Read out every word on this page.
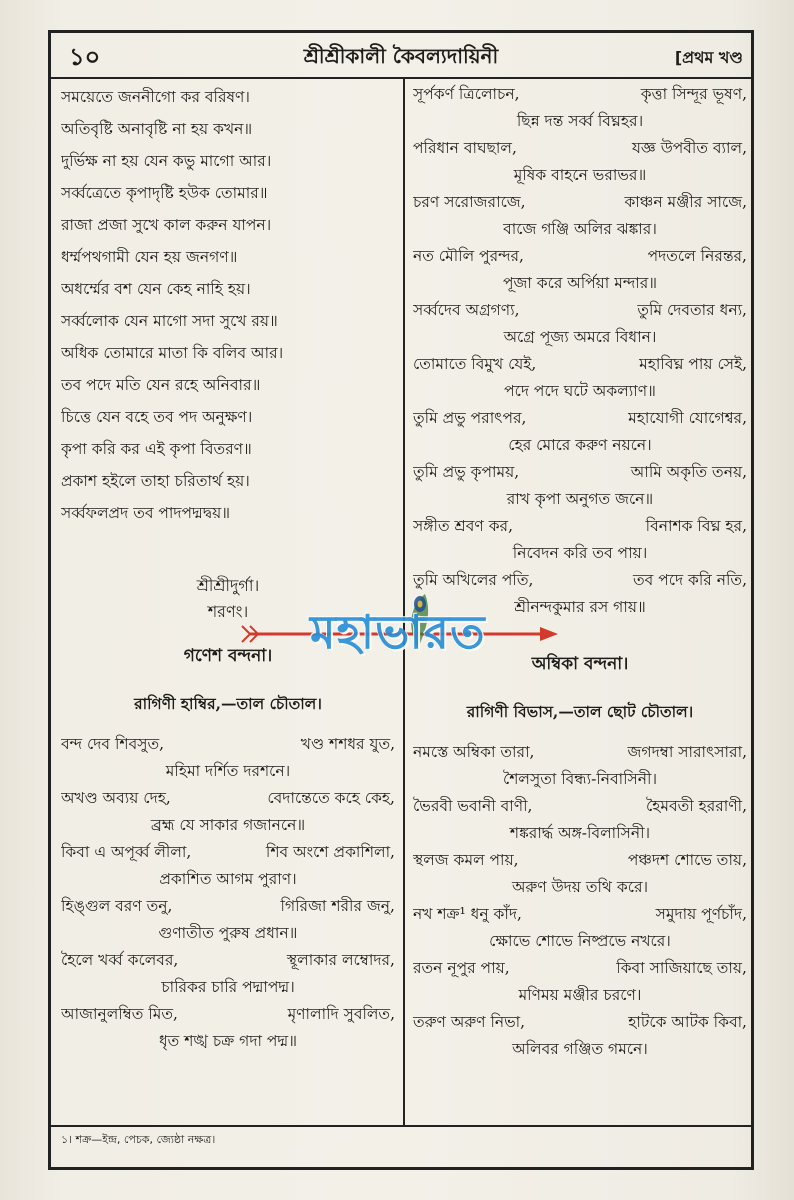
১০	শ্রীশ্রীকালী কৈবল্যদায়িনী	[প্রথম খণ্ড
সময়েতে জননীগো কর বরিষণ।
অতিবৃষ্টি অনাবৃষ্টি না হয় কখন॥
দুর্ভিক্ষ না হয় যেন কভু মাগো আর।
সর্ব্বত্রেতে কৃপাদৃষ্টি হউক তোমার॥
রাজা প্রজা সুখে কাল করুন যাপন।
ধর্ম্মপথগামী যেন হয় জনগণ॥
অধর্ম্মের বশ যেন কেহ নাহি হয়।
সর্ব্বলোক যেন মাগো সদা সুখে রয়॥
অধিক তোমারে মাতা কি বলিব আর।
তব পদে মতি যেন রহে অনিবার॥
চিত্তে যেন বহে তব পদ অনুক্ষণ।
কৃপা করি কর এই কৃপা বিতরণ॥
প্রকাশ হইলে তাহা চরিতার্থ হয়।
সর্ব্বফলপ্রদ তব পাদপদ্মদ্বয়॥
শ্রীশ্রীদুর্গা।
শরণং।
গণেশ বন্দনা।
রাগিণী হাম্বির,—তাল চৌতাল।
বন্দ দেব শিবসুত,	খণ্ড শশধর যুত,
মহিমা দর্শিত দরশনে।
অখণ্ড অব্যয় দেহ,	বেদান্তেতে কহে কেহ,
ব্রহ্ম যে সাকার গজাননে॥
কিবা এ অপূর্ব্ব লীলা,	শিব অংশে প্রকাশিলা,
প্রকাশিত আগম পুরাণ।
হিঙ্গুল বরণ তনু,	গিরিজা শরীর জনু,
গুণাতীত পুরুষ প্রধান॥
হৈলে খর্ব্ব কলেবর,	স্থূলাকার লম্বোদর,
চারিকর চারি পদ্মাপদ্ম।
আজানুলম্বিত মিত,	মৃণালাদি সুবলিত,
ধৃত শঙ্খ চক্র গদা পদ্ম॥
সূর্পকর্ণ ত্রিলোচন,	কৃত্তা সিন্দূর ভূষণ,
ছিন্ন দন্ত সর্ব্ব বিঘ্নহর।
পরিধান বাঘছাল,	যজ্ঞ উপবীত ব্যাল,
মূষিক বাহনে ভরাভর॥
চরণ সরোজরাজে,	কাঞ্চন মঞ্জীর সাজে,
বাজে গঞ্জি অলির ঝঙ্কার।
নত মৌলি পুরন্দর,	পদতলে নিরন্তর,
পূজা করে অর্পিয়া মন্দার॥
সর্ব্বদেব অগ্রগণ্য,	তুমি দেবতার ধন্য,
অগ্রে পূজ্য অমরে বিধান।
তোমাতে বিমুখ যেই,	মহাবিঘ্ন পায় সেই,
পদে পদে ঘটে অকল্যাণ॥
তুমি প্রভু পরাৎপর,	মহাযোগী যোগেশ্বর,
হের মোরে করুণ নয়নে।
তুমি প্রভু কৃপাময়,	আমি অকৃতি তনয়,
রাখ কৃপা অনুগত জনে॥
সঙ্গীত শ্রবণ কর,	বিনাশক বিঘ্ন হর,
নিবেদন করি তব পায়।
তুমি অখিলের পতি,	তব পদে করি নতি,
শ্রীনন্দকুমার রস গায়॥
অম্বিকা বন্দনা।
রাগিণী বিভাস,—তাল ছোট চৌতাল।
নমস্তে অম্বিকা তারা,	জগদম্বা সারাৎসারা,
শৈলসুতা বিন্ধ্য-নিবাসিনী।
ভৈরবী ভবানী বাণী,	হৈমবতী হররাণী,
শঙ্করার্দ্ধ অঙ্গ-বিলাসিনী।
স্থলজ কমল পায়,	পঞ্চদশ শোভে তায়,
অরুণ উদয় তথি করে।
নখ শক্র¹ ধনু কাঁদ,	সমুদায় পূর্ণচাঁদ,
ক্ষোভে শোভে নিষ্প্রভে নখরে।
রতন নূপুর পায়,	কিবা সাজিয়াছে তায়,
মণিময় মঞ্জীর চরণে।
তরুণ অরুণ নিভা,	হাটকে আটক কিবা,
অলিবর গঞ্জিত গমনে।
১। শক্র—ইন্দ্র, পেচক, জ্যেষ্ঠা নক্ষত্র।
মহাভারত
